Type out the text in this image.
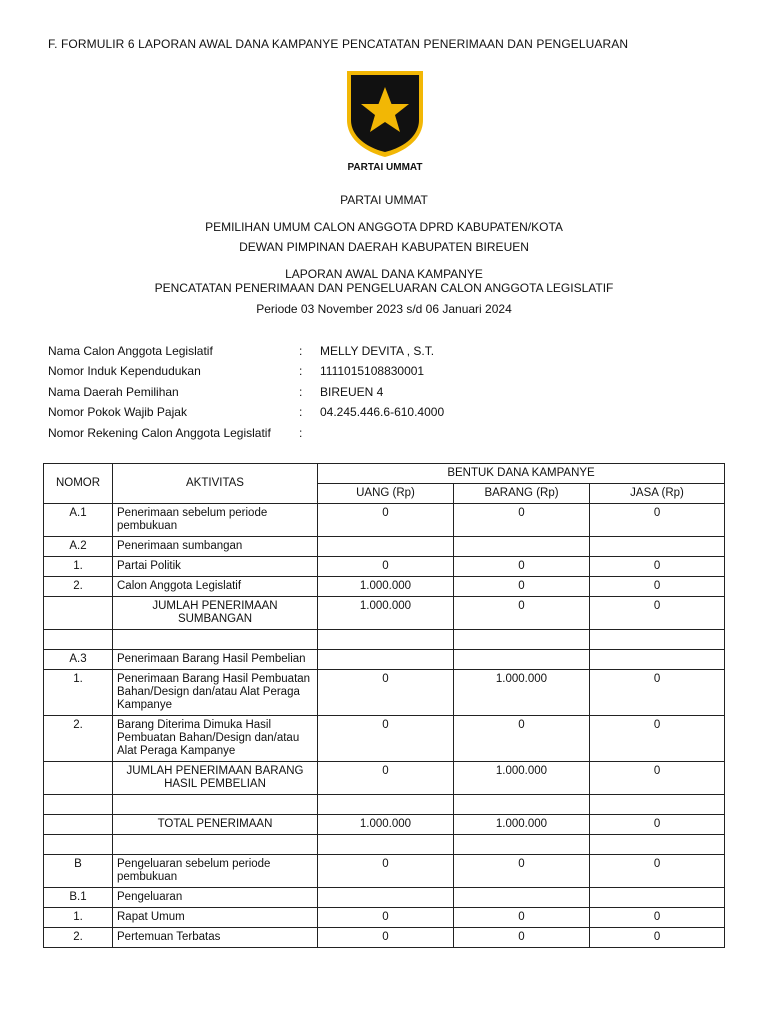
F. FORMULIR 6 LAPORAN AWAL DANA KAMPANYE PENCATATAN PENERIMAAN DAN PENGELUARAN
PARTAI UMMAT
PARTAI UMMAT
PEMILIHAN UMUM CALON ANGGOTA DPRD KABUPATEN/KOTA
DEWAN PIMPINAN DAERAH KABUPATEN BIREUEN
LAPORAN AWAL DANA KAMPANYE
PENCATATAN PENERIMAAN DAN PENGELUARAN CALON ANGGOTA LEGISLATIF
Periode 03 November 2023 s/d 06 Januari 2024
Nama Calon Anggota Legislatif	: MELLY DEVITA , S.T.
Nomor Induk Kependudukan	: 1111015108830001
Nama Daerah Pemilihan	: BIREUEN 4
Nomor Pokok Wajib Pajak	: 04.245.446.6-610.4000
Nomor Rekening Calon Anggota Legislatif :
NOMOR	AKTIVITAS	BENTUK DANA KAMPANYE		
		UANG (Rp)	BARANG (Rp)	JASA (Rp)
A.1	Penerimaan sebelum periode pembukuan	0	0	0
A.2	Penerimaan sumbangan			
1.	Partai Politik	0	0	0
2.	Calon Anggota Legislatif	1.000.000	0	0
	JUMLAH PENERIMAAN SUMBANGAN	1.000.000	0	0

A.3	Penerimaan Barang Hasil Pembelian			
1.	Penerimaan Barang Hasil Pembuatan Bahan/Design dan/atau Alat Peraga Kampanye	0	1.000.000	0
2.	Barang Diterima Dimuka Hasil Pembuatan Bahan/Design dan/atau Alat Peraga Kampanye	0	0	0
	JUMLAH PENERIMAAN BARANG HASIL PEMBELIAN	0	1.000.000	0

	TOTAL PENERIMAAN	1.000.000	1.000.000	0

B	Pengeluaran sebelum periode pembukuan	0	0	0
B.1	Pengeluaran			
1.	Rapat Umum	0	0	0
2.	Pertemuan Terbatas	0	0	0
